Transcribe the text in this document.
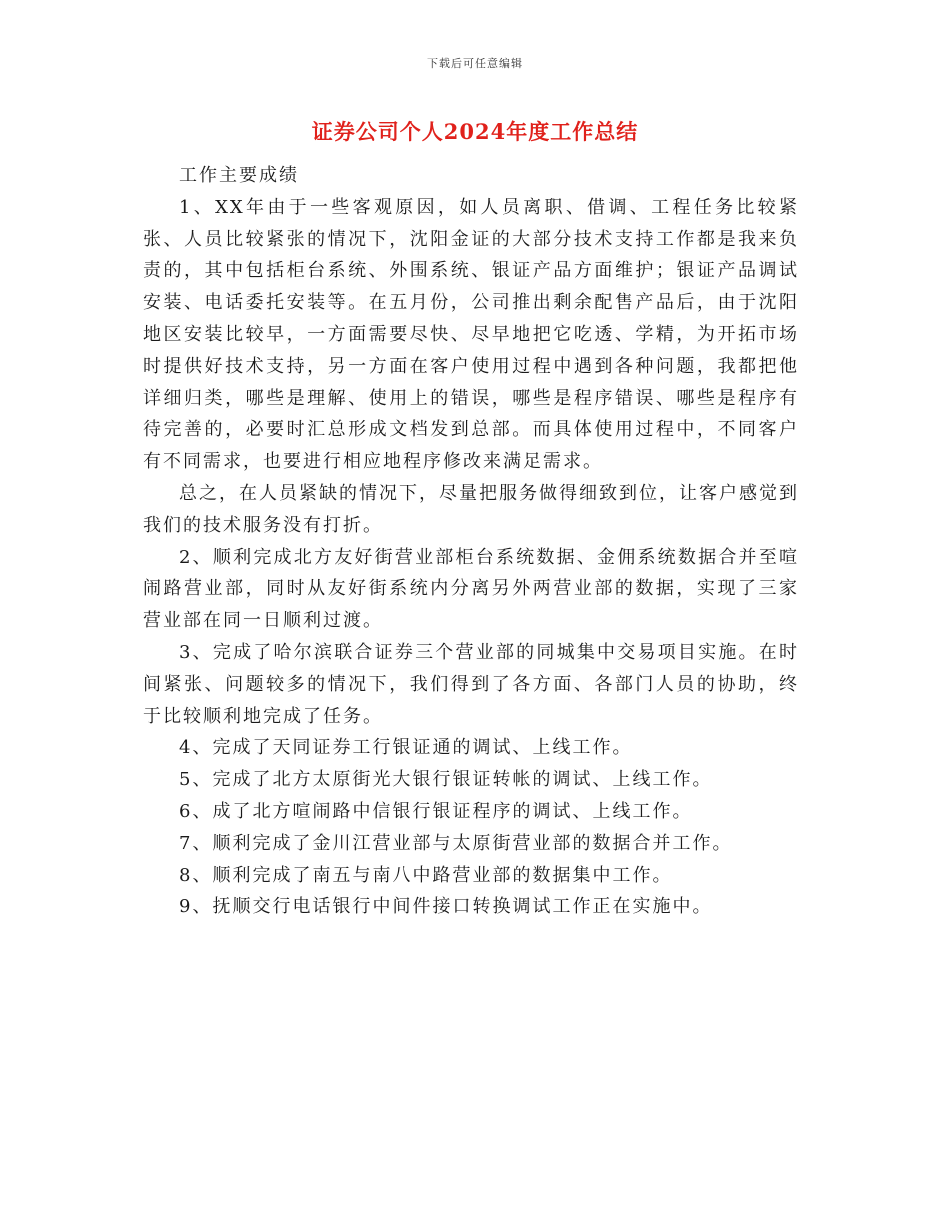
下载后可任意编辑
证券公司个人2024年度工作总结

工作主要成绩

1、XX年由于一些客观原因，如人员离职、借调、工程任务比较紧张、人员比较紧张的情况下，沈阳金证的大部分技术支持工作都是我来负责的，其中包括柜台系统、外围系统、银证产品方面维护；银证产品调试安装、电话委托安装等。在五月份，公司推出剩余配售产品后，由于沈阳地区安装比较早，一方面需要尽快、尽早地把它吃透、学精，为开拓市场时提供好技术支持，另一方面在客户使用过程中遇到各种问题，我都把他详细归类，哪些是理解、使用上的错误，哪些是程序错误、哪些是程序有待完善的，必要时汇总形成文档发到总部。而具体使用过程中，不同客户有不同需求，也要进行相应地程序修改来满足需求。

总之，在人员紧缺的情况下，尽量把服务做得细致到位，让客户感觉到我们的技术服务没有打折。

2、顺利完成北方友好街营业部柜台系统数据、金佣系统数据合并至喧闹路营业部，同时从友好街系统内分离另外两营业部的数据，实现了三家营业部在同一日顺利过渡。

3、完成了哈尔滨联合证券三个营业部的同城集中交易项目实施。在时间紧张、问题较多的情况下，我们得到了各方面、各部门人员的协助，终于比较顺利地完成了任务。

4、完成了天同证券工行银证通的调试、上线工作。

5、完成了北方太原街光大银行银证转帐的调试、上线工作。

6、成了北方喧闹路中信银行银证程序的调试、上线工作。

7、顺利完成了金川江营业部与太原街营业部的数据合并工作。

8、顺利完成了南五与南八中路营业部的数据集中工作。

9、抚顺交行电话银行中间件接口转换调试工作正在实施中。
